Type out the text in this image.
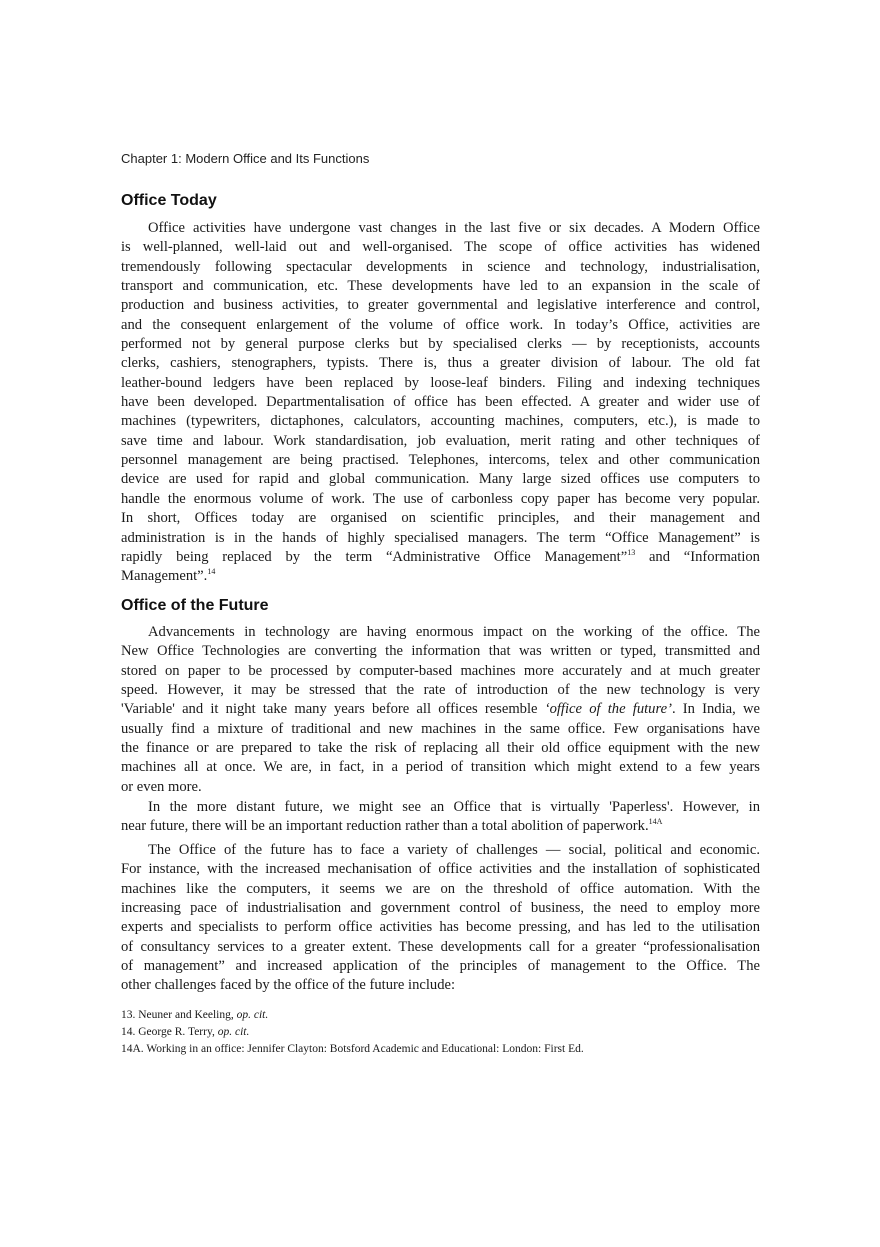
Chapter 1: Modern Office and Its Functions
Office Today
Office activities have undergone vast changes in the last five or six decades. A Modern Office
is well-planned, well-laid out and well-organised. The scope of office activities has widened
tremendously following spectacular developments in science and technology, industrialisation,
transport and communication, etc. These developments have led to an expansion in the scale of
production and business activities, to greater governmental and legislative interference and control,
and the consequent enlargement of the volume of office work. In today’s Office, activities are
performed not by general purpose clerks but by specialised clerks — by receptionists, accounts
clerks, cashiers, stenographers, typists. There is, thus a greater division of labour. The old fat
leather-bound ledgers have been replaced by loose-leaf binders. Filing and indexing techniques
have been developed. Departmentalisation of office has been effected. A greater and wider use of
machines (typewriters, dictaphones, calculators, accounting machines, computers, etc.), is made to
save time and labour. Work standardisation, job evaluation, merit rating and other techniques of
personnel management are being practised. Telephones, intercoms, telex and other communication
device are used for rapid and global communication. Many large sized offices use computers to
handle the enormous volume of work. The use of carbonless copy paper has become very popular.
In short, Offices today are organised on scientific principles, and their management and
administration is in the hands of highly specialised managers. The term “Office Management” is
rapidly being replaced by the term “Administrative Office Management”$^{13}$ and “Information
Management”.$^{14}$
Office of the Future
Advancements in technology are having enormous impact on the working of the office. The
New Office Technologies are converting the information that was written or typed, transmitted and
stored on paper to be processed by computer-based machines more accurately and at much greater
speed. However, it may be stressed that the rate of introduction of the new technology is very
'Variable' and it night take many years before all offices resemble ‘office of the future’. In India, we
usually find a mixture of traditional and new machines in the same office. Few organisations have
the finance or are prepared to take the risk of replacing all their old office equipment with the new
machines all at once. We are, in fact, in a period of transition which might extend to a few years
or even more.
In the more distant future, we might see an Office that is virtually 'Paperless'. However, in
near future, there will be an important reduction rather than a total abolition of paperwork.$^{14A}$
The Office of the future has to face a variety of challenges — social, political and economic.
For instance, with the increased mechanisation of office activities and the installation of sophisticated
machines like the computers, it seems we are on the threshold of office automation. With the
increasing pace of industrialisation and government control of business, the need to employ more
experts and specialists to perform office activities has become pressing, and has led to the utilisation
of consultancy services to a greater extent. These developments call for a greater “professionalisation
of management” and increased application of the principles of management to the Office. The
other challenges faced by the office of the future include:
13. Neuner and Keeling, op. cit.
14. George R. Terry, op. cit.
14A. Working in an office: Jennifer Clayton: Botsford Academic and Educational: London: First Ed.
